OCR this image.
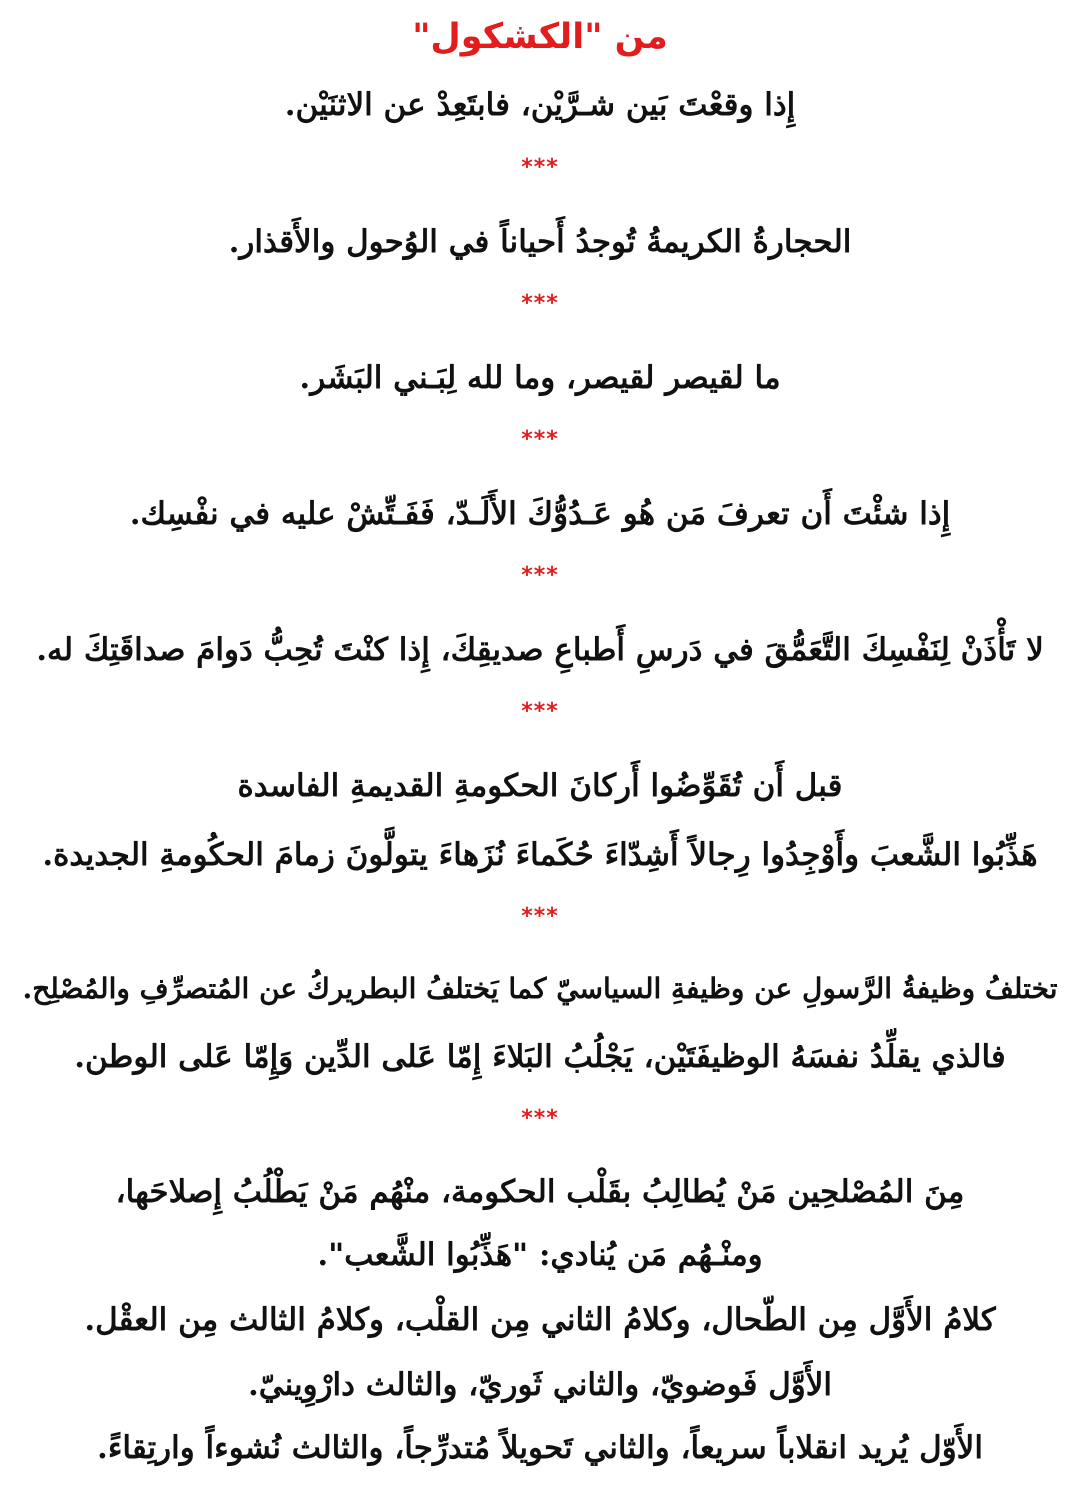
من "الكشكول"
إِذا وقعْتَ بَين شـرَّيْن، فابتَعِدْ عن الاثنَيْن.
***
الحجارةُ الكريمةُ تُوجدُ أَحياناً في الوُحول والأَقذار.
***
ما لقيصر لقيصر، وما لله لِبَـني البَشَر.
***
إِذا شئْتَ أَن تعرفَ مَن هُو عَـدُوُّكَ الأَلَـدّ، فَفَـتِّشْ عليه في نفْسِك.
***
لا تَأْذَنْ لِنَفْسِكَ التَّعَمُّقَ في دَرسِ أَطباعِ صديقِكَ، إِذا كنْتَ تُحِبُّ دَوامَ صداقَتِكَ له.
***
قبل أَن تُقَوِّضُوا أَركانَ الحكومةِ القديمةِ الفاسدة
هَذِّبُوا الشَّعبَ وأَوْجِدُوا رِجالاً أَشِدّاءَ حُكَماءَ نُزَهاءَ يتولَّونَ زمامَ الحكُومةِ الجديدة.
***
تختلفُ وظيفةُ الرَّسولِ عن وظيفةِ السياسيّ كما يَختلفُ البطريركُ عن المُتصرِّفِ والمُصْلِح.
فالذي يقلِّدُ نفسَهُ الوظيفَتَيْن، يَجْلُبُ البَلاءَ إِمّا عَلى الدِّين وَإِمّا عَلى الوطن.
***
مِنَ المُصْلحِين مَنْ يُطالِبُ بقَلْب الحكومة، منْهُم مَنْ يَطْلُبُ إِصلاحَها،
ومنْـهُم مَن يُنادي: "هَذِّبُوا الشَّعب".
كلامُ الأَوَّل مِن الطّحال، وكلامُ الثاني مِن القلْب، وكلامُ الثالث مِن العقْل.
الأَوَّل فَوضويّ، والثاني ثَوريّ، والثالث دارْوِينيّ.
الأَوّل يُريد انقلاباً سريعاً، والثاني تَحويلاً مُتدرِّجاً، والثالث نُشوءاً وارتِقاءً.
